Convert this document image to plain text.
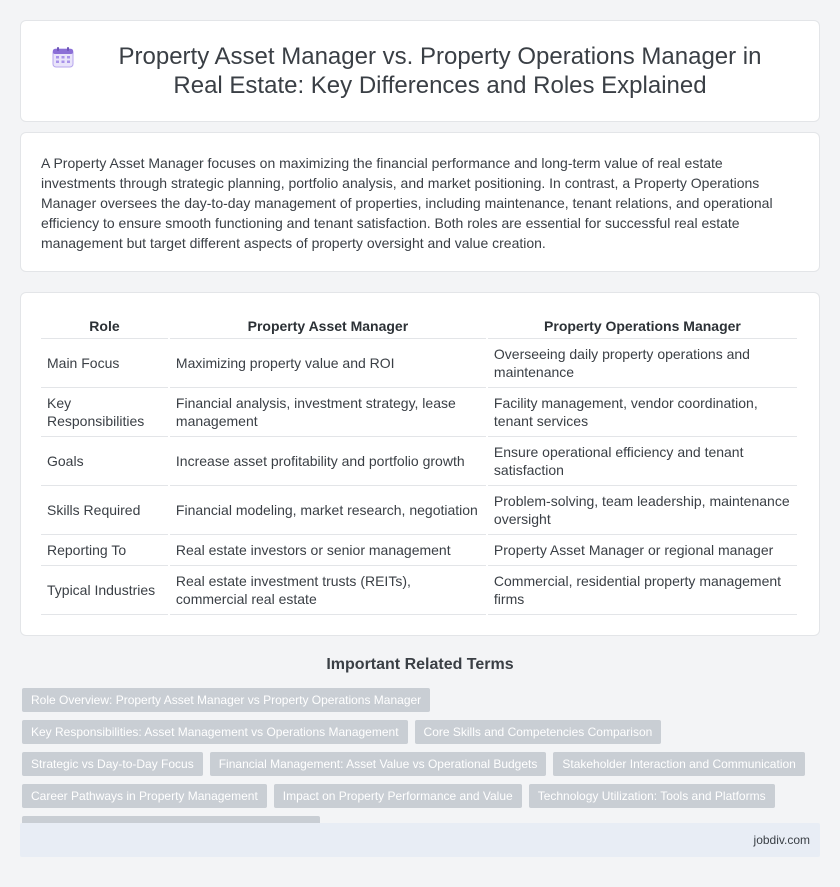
Property Asset Manager vs. Property Operations Manager in Real Estate: Key Differences and Roles Explained

A Property Asset Manager focuses on maximizing the financial performance and long-term value of real estate investments through strategic planning, portfolio analysis, and market positioning. In contrast, a Property Operations Manager oversees the day-to-day management of properties, including maintenance, tenant relations, and operational efficiency to ensure smooth functioning and tenant satisfaction. Both roles are essential for successful real estate management but target different aspects of property oversight and value creation.

Role	Property Asset Manager	Property Operations Manager
Main Focus	Maximizing property value and ROI	Overseeing daily property operations and maintenance
Key Responsibilities	Financial analysis, investment strategy, lease management	Facility management, vendor coordination, tenant services
Goals	Increase asset profitability and portfolio growth	Ensure operational efficiency and tenant satisfaction
Skills Required	Financial modeling, market research, negotiation	Problem-solving, team leadership, maintenance oversight
Reporting To	Real estate investors or senior management	Property Asset Manager or regional manager
Typical Industries	Real estate investment trusts (REITs), commercial real estate	Commercial, residential property management firms
Important Related Terms
Role Overview: Property Asset Manager vs Property Operations Manager
Key Responsibilities: Asset Management vs Operations Management	Core Skills and Competencies Comparison
Strategic vs Day-to-Day Focus	Financial Management: Asset Value vs Operational Budgets	Stakeholder Interaction and Communication
Career Pathways in Property Management	Impact on Property Performance and Value	Technology Utilization: Tools and Platforms
jobdiv.com
